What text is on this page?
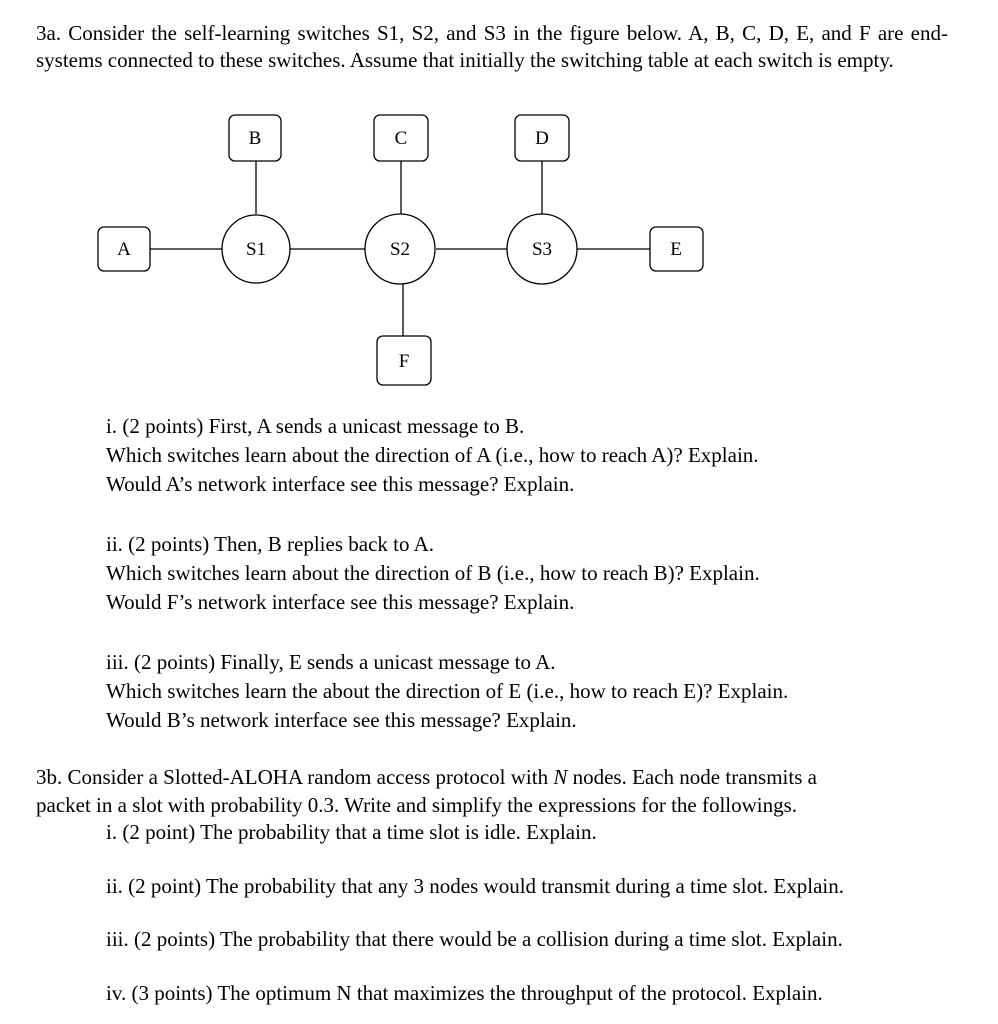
3a. Consider the self-learning switches S1, S2, and S3 in the figure below. A, B, C, D, E, and F are end-systems connected to these switches. Assume that initially the switching table at each switch is empty.
A
B	C	D
E
F
S1	S2	S3
i. (2 points) First, A sends a unicast message to B.
Which switches learn about the direction of A (i.e., how to reach A)? Explain.
Would A’s network interface see this message? Explain.
ii. (2 points) Then, B replies back to A.
Which switches learn about the direction of B (i.e., how to reach B)? Explain.
Would F’s network interface see this message? Explain.
iii. (2 points) Finally, E sends a unicast message to A.
Which switches learn the about the direction of E (i.e., how to reach E)? Explain.
Would B’s network interface see this message? Explain.
3b. Consider a Slotted-ALOHA random access protocol with N nodes. Each node transmits a
packet in a slot with probability 0.3. Write and simplify the expressions for the followings.
i. (2 point) The probability that a time slot is idle. Explain.
ii. (2 point) The probability that any 3 nodes would transmit during a time slot. Explain.
iii. (2 points) The probability that there would be a collision during a time slot. Explain.
iv. (3 points) The optimum N that maximizes the throughput of the protocol. Explain.
